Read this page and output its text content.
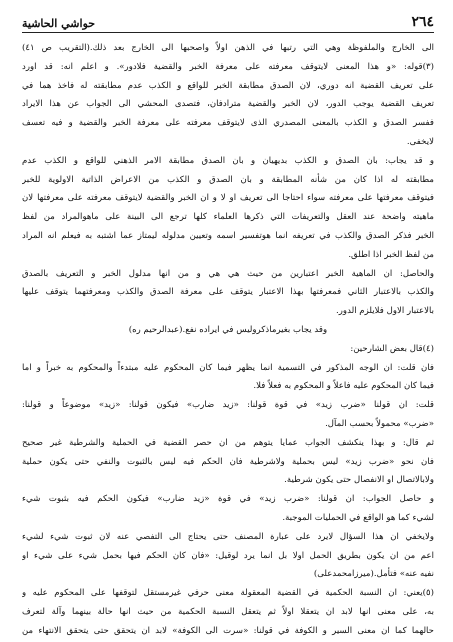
٢٦٤
حواشي الحاشية
الى الخارج والملفوظة وهي التي رتبها في الذهن اولاً واصحبها الى الخارج بعد ذلك.(التقريب ص ٤١)
(٣)قوله: «و هذا المعنى لايتوقف معرفته على معرفة الخبر والقضية فلادور». و اعلم انه: قد اورد
على تعريف القضية انه دوري، لان الصدق مطابقة الخبر للواقع و الكذب عدم مطابقته له فاخذ هما في
تعريف القضية يوجب الدور، لان الخبر والقضية مترادفان، فتصدى المحشي الى الجواب عن هذا الايراد
ففسر الصدق و الكذب بالمعنى المصدري الذى لايتوقف معرفته على معرفة الخبر والقضية و فيه تعسف
لايخفى.
و قد يجاب: بان الصدق و الكذب بديهيان و بان الصدق مطابقة الامر الذهني للواقع و الكذب عدم
مطابقته له اذا كان من شأنه المطابقة و بان الصدق و الكذب من الاعراض الذاتية الاولوية للخبر
فيتوقف معرفتها على معرفته سواء احتاجا الى تعريف او لا و ان الخبر والقضية لايتوقف معرفته على معرفتها لان
ماهيته واضحة عند العقل والتعريفات التي ذكرها العلماء كلها ترجع الى البينة على ماهوالمراد من لفظ
الخبر فذكر الصدق والكذب في تعريفه انما هوتفسير اسمه وتعيين مدلوله ليمتاز عما اشتبه به فيعلم انه المراد
من لفظ الخبر اذا اطلق.
والحاصل: ان الماهية الخبر اعتبارين من حيث هي هي و من انها مدلول الخبر و التعريف بالصدق
والكذب بالاعتبار الثاني فمعرفتها بهذا الاعتبار يتوقف على معرفة الصدق والكذب ومعرفتهما يتوقف عليها
بالاعتبار الاول فلايلزم الدور.
وقد يجاب بغيرماذكروليس في ايراده نفع.(عبدالرحيم ره)
(٤)قال بعض الشارحين:
فان قلت: ان الوجه المذكور في التسمية انما يظهر فيما كان المحكوم عليه مبتدءاً والمحكوم به خبراً و اما
فيما كان المحكوم عليه فاعلاً و المحكوم به فعلاً فلا.
قلت: ان قولنا «ضرب زيد» في قوة قولنا: «زيد ضارب» فيكون قولنا: «زيد» موضوعاً و قولنا:
«ضرب» محمولاً بحسب المآل.
ثم قال: و بهذا ينكشف الجواب عمايا يتوهم من ان حصر القضية في الحملية والشرطية غير صحيح
فان نحو «ضرب زيد» ليس بحملية ولاشرطية فان الحكم فيه ليس بالثبوت والنفي حتى يكون حملية
ولابالاتصال او الانفصال حتى يكون شرطية.
و حاصل الجواب: ان قولنا: «ضرب زيد» في قوة «زيد ضارب» فيكون الحكم فيه بثبوت شيء
لشيء كما هو الواقع في الحمليات الموجبة.
ولايخفي ان هذا السؤال لايرد على عبارة المصنف حتى يحتاج الى التفصي عنه لان ثبوت شيء لشيء
اعم من ان يكون بطريق الحمل اولا بل انما يرد لوقيل: «فان كان الحكم فيها بحمل شيء على شيء او
نفيه عنه» فتأمل.(ميرزامحمدعلى)
(٥)يعني: ان النسبة الحكمية في القضية المعقولة معنى حرفي غيرمستقل لتوقفها على المحكوم عليه و
به، على معنى انها لابد ان يتعقلا اولاً ثم يتعقل النسبة الحكمية من حيث انها حالة بينهما وآلة لتعرف
حالهما كما ان معنى السير و الكوفة في قولنا: «سرت الى الكوفة» لابد ان يتحقق حتى يتحقق الانتهاء من
